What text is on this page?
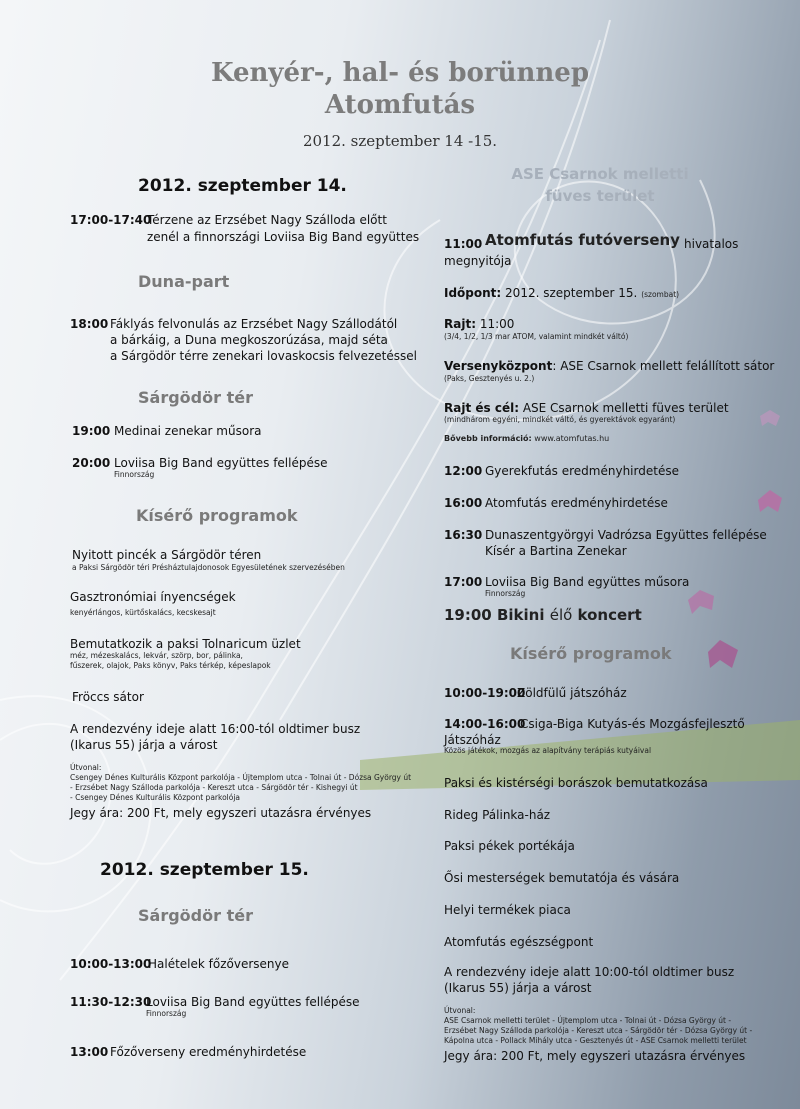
Kenyér-, hal- és borünnep
Atomfutás
2012. szeptember 14 -15.
2012. szeptember 14.
17:00-17:40
Térzene az Erzsébet Nagy Szálloda előtt
zenél a finnországi Loviisa Big Band együttes
Duna-part
18:00 Fáklyás felvonulás az Erzsébet Nagy Szállodától
a bárkáig, a Duna megkoszorúzása, majd séta
a Sárgödör térre zenekari lovaskocsis felvezetéssel
Sárgödör tér
19:00 Medinai zenekar műsora
20:00 Loviisa Big Band együttes fellépése
Finnország
Kísérő programok
Nyitott pincék a Sárgödör téren
a Paksi Sárgödör téri Présháztulajdonosok Egyesületének szervezésében
Gasztronómiai ínyencségek
kenyérlángos, kürtőskalács, kecskesajt
Bemutatkozik a paksi Tolnaricum üzlet
méz, mézeskalács, lekvár, szörp, bor, pálinka,
fűszerek, olajok, Paks könyv, Paks térkép, képeslapok
Fröccs sátor
A rendezvény ideje alatt 16:00-tól oldtimer busz
(Ikarus 55) járja a várost
Útvonal:
Csengey Dénes Kulturális Központ parkolója - Újtemplom utca - Tolnai út - Dózsa György út
- Erzsébet Nagy Szálloda parkolója - Kereszt utca - Sárgödör tér - Kishegyi út
- Csengey Dénes Kulturális Központ parkolója
Jegy ára: 200 Ft, mely egyszeri utazásra érvényes
2012. szeptember 15.
Sárgödör tér
10:00-13:00
Halételek főzőversenye
11:30-12:30
Loviisa Big Band együttes fellépése
Finnország
13:00 Főzőverseny eredményhirdetése
ASE Csarnok melletti
füves terület
11:00 Atomfutás futóverseny hivatalos
megnyitója
Időpont: 2012. szeptember 15. (szombat)
Rajt: 11:00
(3/4, 1/2, 1/3 mar ATOM, valamint mindkét váltó)
Versenyközpont: ASE Csarnok mellett felállított sátor
(Paks, Gesztenyés u. 2.)
Rajt és cél: ASE Csarnok melletti füves terület
(mindhárom egyéni, mindkét váltó, és gyerektávok egyaránt)
Bővebb információ: www.atomfutas.hu
12:00 Gyerekfutás eredményhirdetése
16:00 Atomfutás eredményhirdetése
16:30 Dunaszentgyörgyi Vadrózsa Együttes fellépése
Kísér a Bartina Zenekar
17:00 Loviisa Big Band együttes műsora
Finnország
19:00 Bikini élő koncert
Kísérő programok
10:00-19:00
Zöldfülű játszóház
14:00-16:00
Csiga-Biga Kutyás-és Mozgásfejlesztő
Játszóház
Közös játékok, mozgás az alapítvány terápiás kutyáival
Paksi és kistérségi borászok bemutatkozása
Rideg Pálinka-ház
Paksi pékek portékája
Ősi mesterségek bemutatója és vására
Helyi termékek piaca
Atomfutás egészségpont
A rendezvény ideje alatt 10:00-tól oldtimer busz
(Ikarus 55) járja a várost
Útvonal:
ASE Csarnok melletti terület - Újtemplom utca - Tolnai út - Dózsa György út -
Erzsébet Nagy Szálloda parkolója - Kereszt utca - Sárgödör tér - Dózsa György út -
Kápolna utca - Pollack Mihály utca - Gesztenyés út - ASE Csarnok melletti terület
Jegy ára: 200 Ft, mely egyszeri utazásra érvényes
